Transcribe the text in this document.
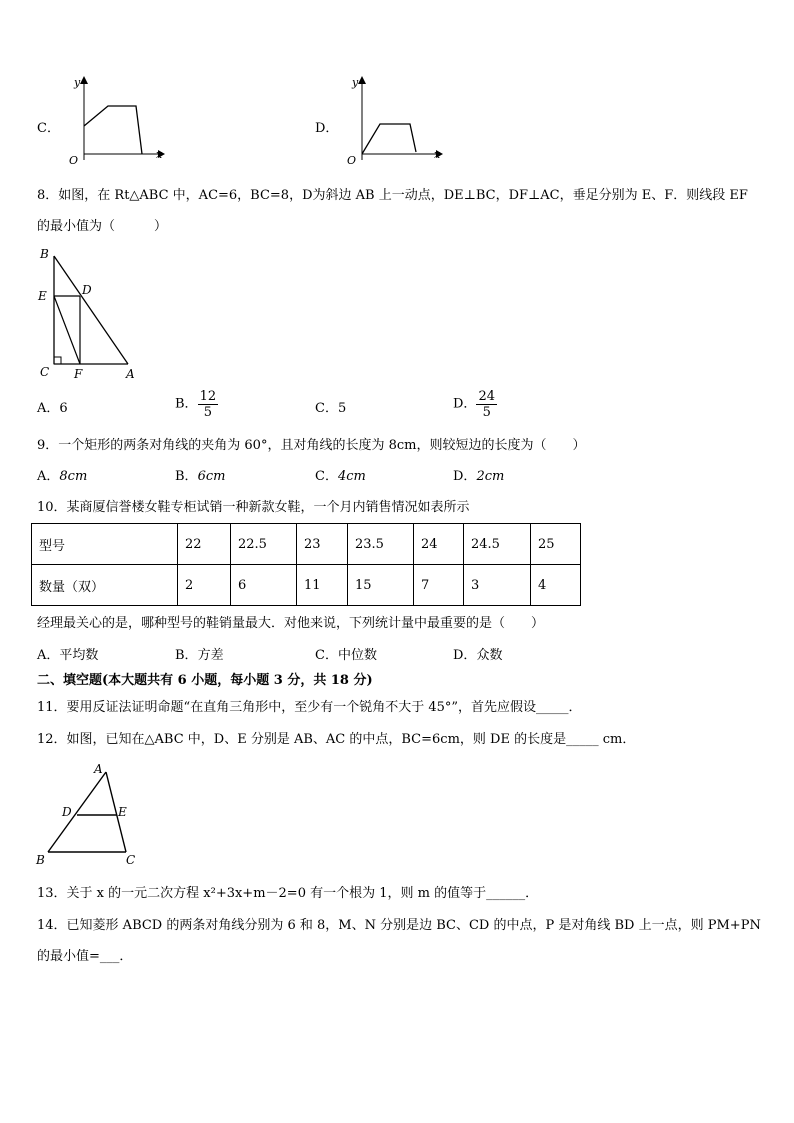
C．
y
x
O
D．
y
x
O
8．如图，在 Rt△ABC 中，AC=6，BC=8，D为斜边 AB 上一动点，DE⊥BC，DF⊥AC，垂足分别为 E、F．则线段 EF
的最小值为（　　　）
B
E	D
C F	A
A．6	B． $\frac{12}{5}$	C．5	D． $\frac{24}{5}$
9．一个矩形的两条对角线的夹角为 60°，且对角线的长度为 8cm，则较短边的长度为（　　）
A．8cm	B．6cm	C．4cm	D．2cm
10．某商厦信誉楼女鞋专柜试销一种新款女鞋，一个月内销售情况如表所示
型号	22	22.5	23	23.5	24	24.5	25
数量（双）	2	6	11	15	7	3	4
经理最关心的是，哪种型号的鞋销量最大．对他来说，下列统计量中最重要的是（　　）
A．平均数	B．方差	C．中位数	D．众数
二、填空题(本大题共有 6 小题，每小题 3 分，共 18 分)
11．要用反证法证明命题“在直角三角形中，至少有一个锐角不大于 45°”，首先应假设_____．
12．如图，已知在△ABC 中，D、E 分别是 AB、AC 的中点，BC=6cm，则 DE 的长度是_____ cm．
A
D	E
B	C
13．关于 x 的一元二次方程 x²+3x+m－2=0 有一个根为 1，则 m 的值等于______．
14．已知菱形 ABCD 的两条对角线分别为 6 和 8，M、N 分别是边 BC、CD 的中点，P 是对角线 BD 上一点，则 PM+PN
的最小值=___．
